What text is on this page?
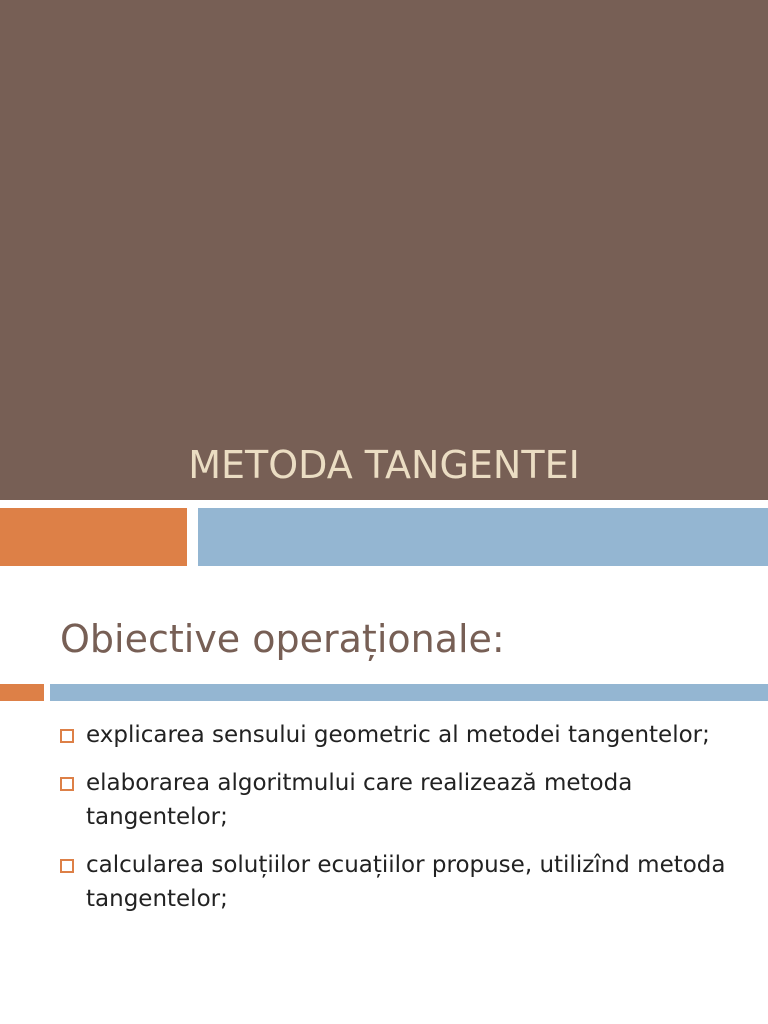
METODA TANGENTEI
Obiective operaționale:
explicarea sensului geometric al metodei tangentelor;
elaborarea algoritmului care realizează metoda tangentelor;
calcularea soluțiilor ecuațiilor propuse, utilizînd metoda tangentelor;
